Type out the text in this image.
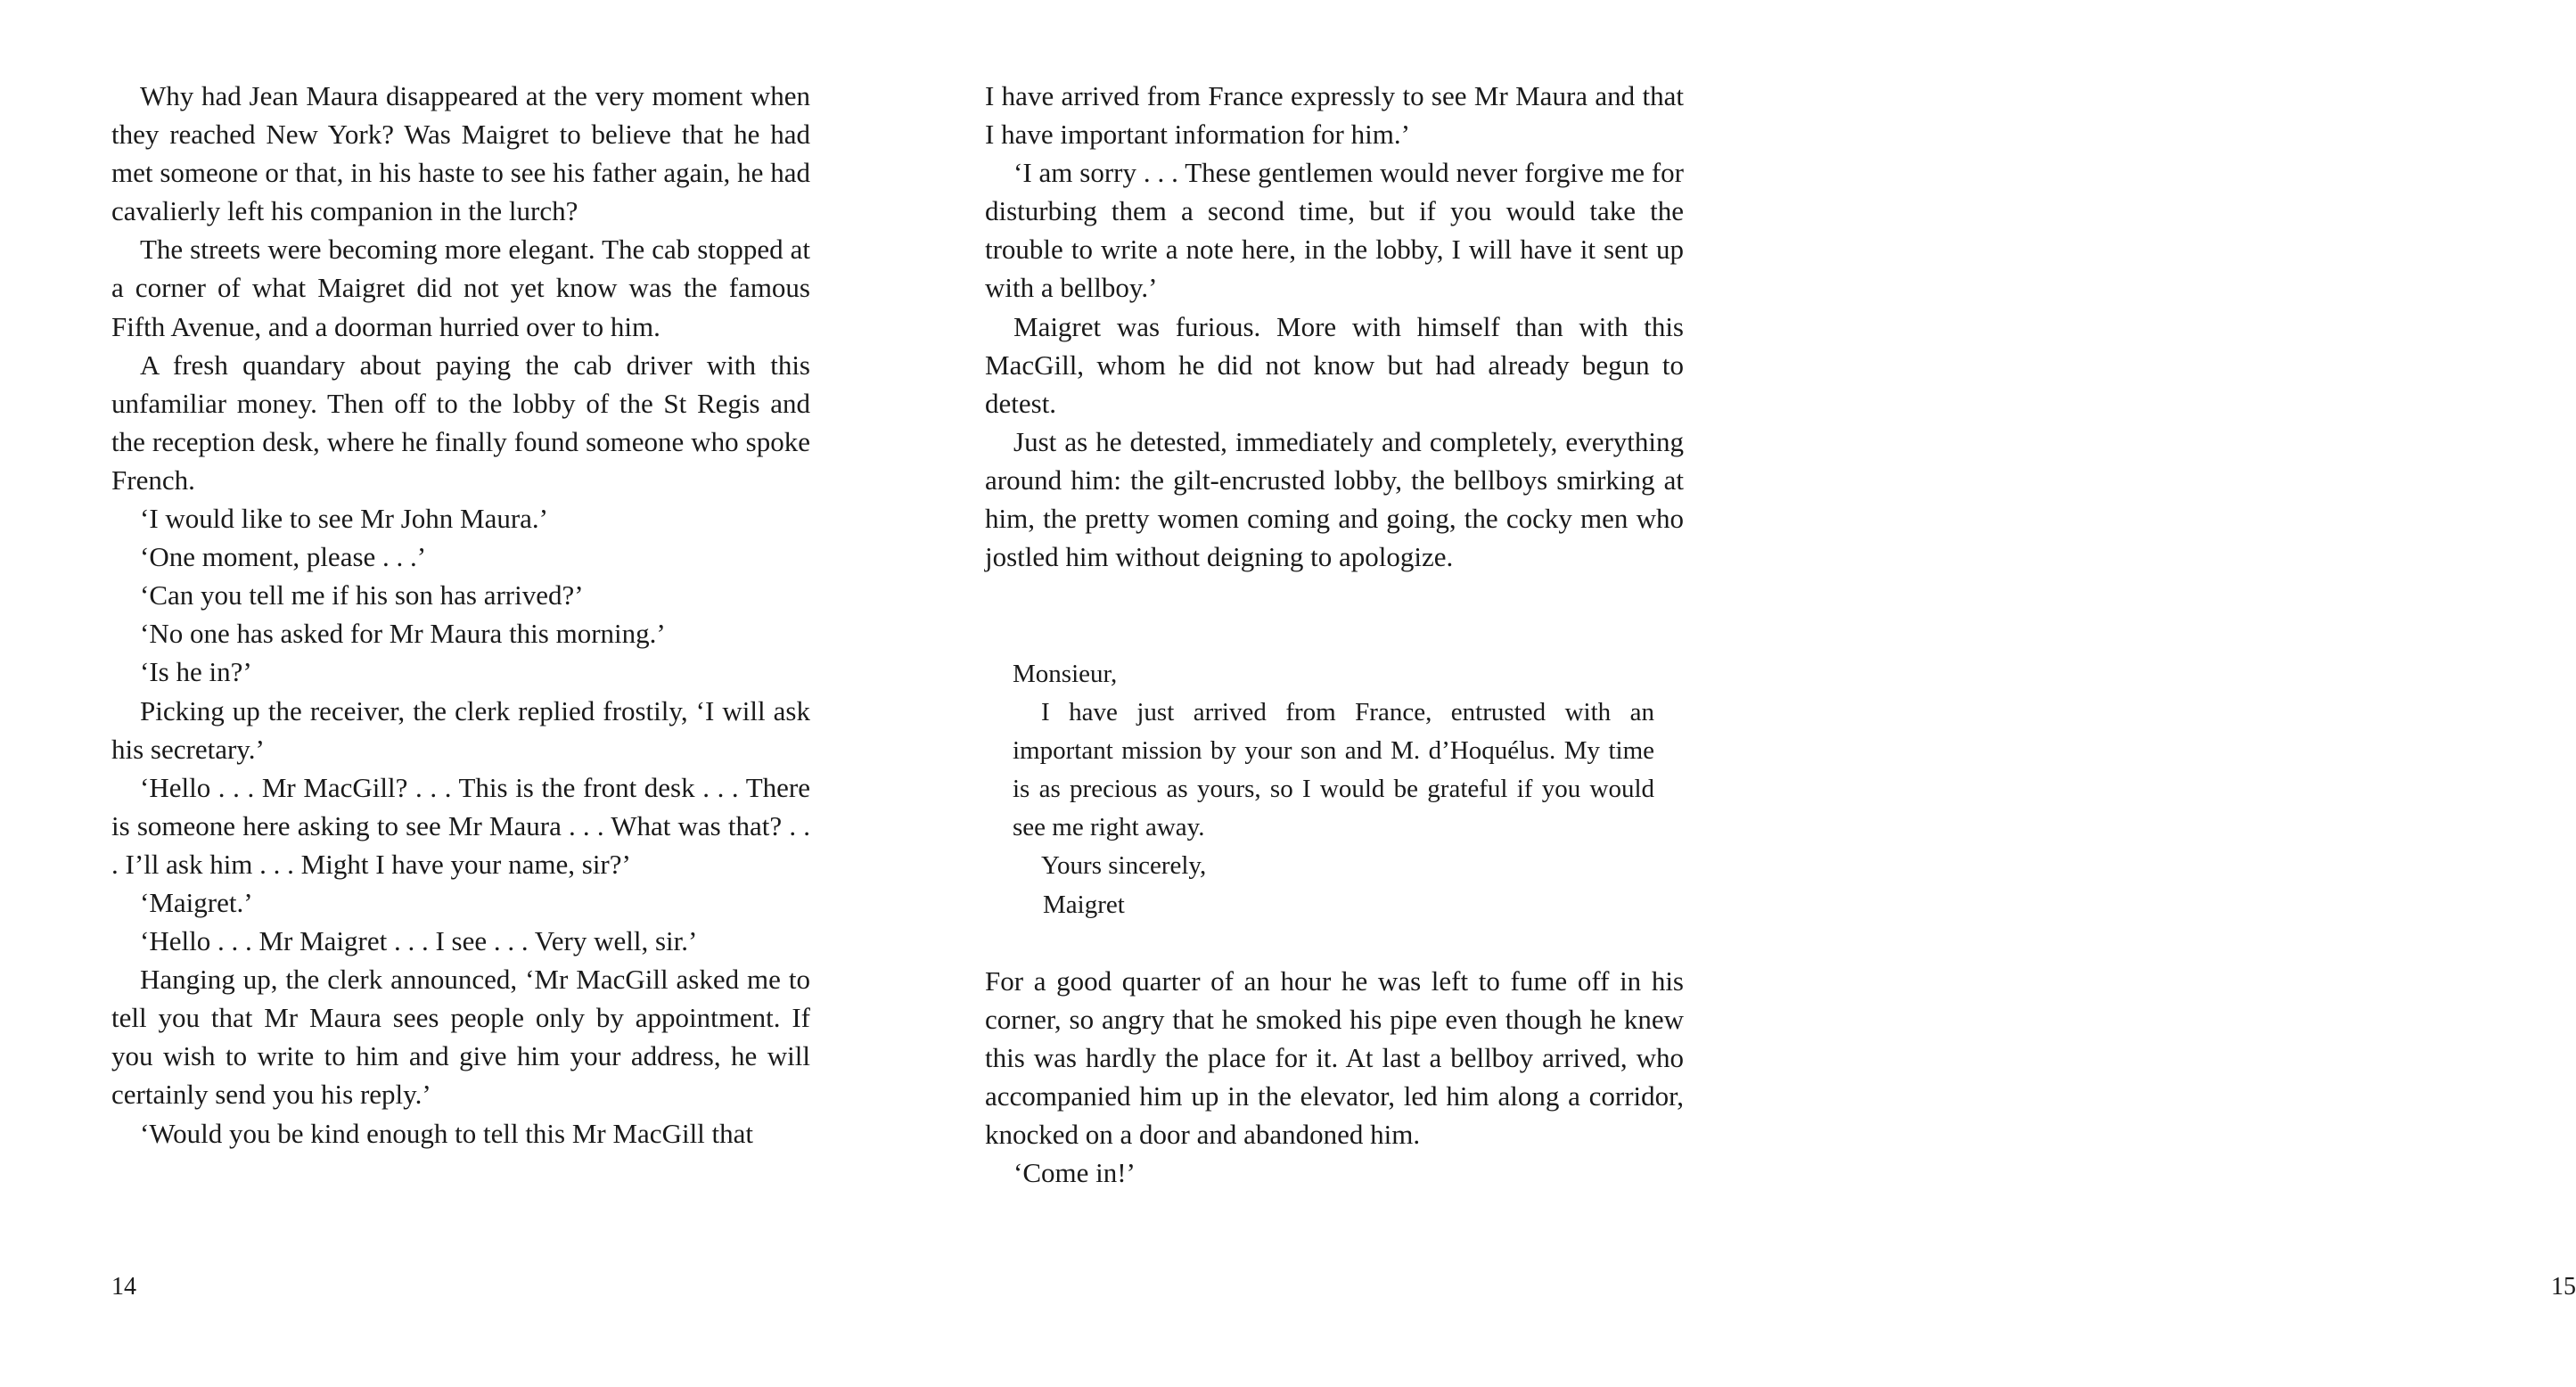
Why had Jean Maura disappeared at the very moment when they reached New York? Was Maigret to believe that he had met someone or that, in his haste to see his father again, he had cavalierly left his companion in the lurch?

The streets were becoming more elegant. The cab stopped at a corner of what Maigret did not yet know was the famous Fifth Avenue, and a doorman hurried over to him.

A fresh quandary about paying the cab driver with this unfamiliar money. Then off to the lobby of the St Regis and the reception desk, where he finally found someone who spoke French.

‘I would like to see Mr John Maura.’

‘One moment, please . . .’

‘Can you tell me if his son has arrived?’

‘No one has asked for Mr Maura this morning.’

‘Is he in?’

Picking up the receiver, the clerk replied frostily, ‘I will ask his secretary.’

‘Hello . . . Mr MacGill? . . . This is the front desk . . . There is someone here asking to see Mr Maura . . . What was that? . . . I’ll ask him . . . Might I have your name, sir?’

‘Maigret.’

‘Hello . . . Mr Maigret . . . I see . . . Very well, sir.’

Hanging up, the clerk announced, ‘Mr MacGill asked me to tell you that Mr Maura sees people only by appointment. If you wish to write to him and give him your address, he will certainly send you his reply.’

‘Would you be kind enough to tell this Mr MacGill that

14

I have arrived from France expressly to see Mr Maura and that I have important information for him.’

‘I am sorry . . . These gentlemen would never forgive me for disturbing them a second time, but if you would take the trouble to write a note here, in the lobby, I will have it sent up with a bellboy.’

Maigret was furious. More with himself than with this MacGill, whom he did not know but had already begun to detest.

Just as he detested, immediately and completely, everything around him: the gilt-encrusted lobby, the bellboys smirking at him, the pretty women coming and going, the cocky men who jostled him without deigning to apologize.

Monsieur,

I have just arrived from France, entrusted with an important mission by your son and M. d’Hoquélus. My time is as precious as yours, so I would be grateful if you would see me right away.

Yours sincerely,

Maigret

For a good quarter of an hour he was left to fume off in his corner, so angry that he smoked his pipe even though he knew this was hardly the place for it. At last a bellboy arrived, who accompanied him up in the elevator, led him along a corridor, knocked on a door and abandoned him.

‘Come in!’

15
